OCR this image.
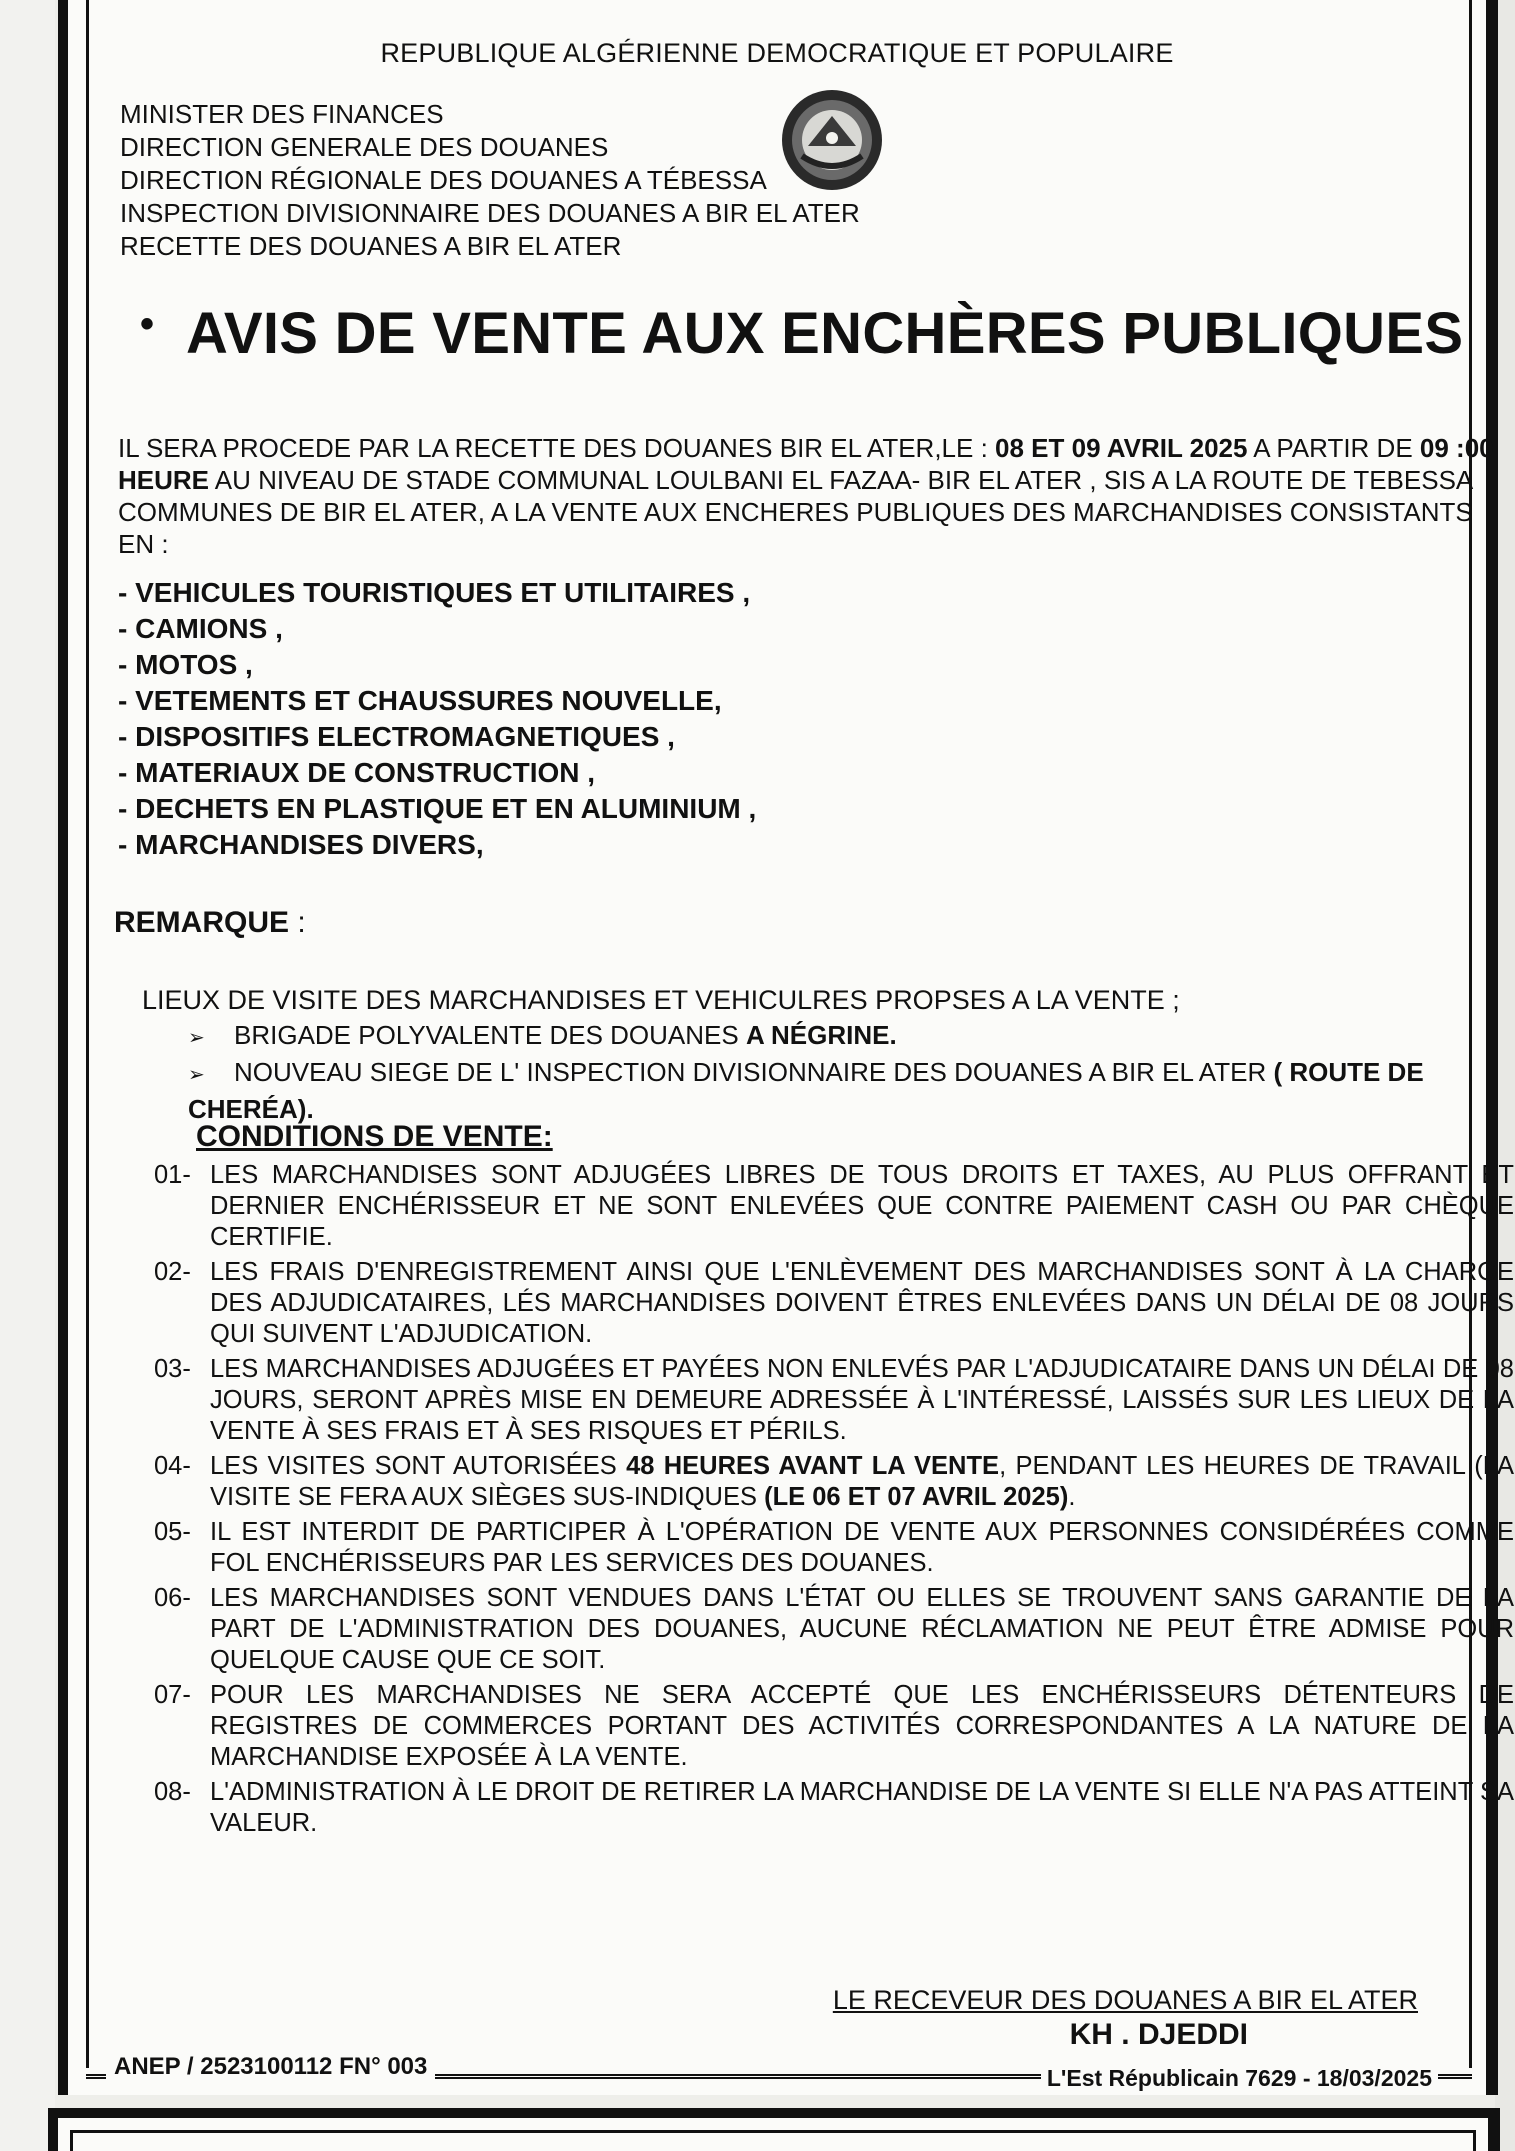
REPUBLIQUE ALGÉRIENNE DEMOCRATIQUE ET POPULAIRE
MINISTER DES FINANCES
DIRECTION GENERALE DES DOUANES
DIRECTION RÉGIONALE DES DOUANES A TÉBESSA
INSPECTION DIVISIONNAIRE DES DOUANES A BIR EL ATER
RECETTE DES DOUANES A BIR EL ATER
• AVIS DE VENTE AUX ENCHÈRES PUBLIQUES
IL SERA PROCEDE PAR LA RECETTE DES DOUANES BIR EL ATER,LE : 08 ET 09 AVRIL 2025 A PARTIR DE 09 :00 HEURE AU NIVEAU DE STADE COMMUNAL LOULBANI EL FAZAA- BIR EL ATER , SIS A LA ROUTE DE TEBESSA COMMUNES DE BIR EL ATER, A LA VENTE AUX ENCHERES PUBLIQUES DES MARCHANDISES CONSISTANTS EN :
- VEHICULES TOURISTIQUES ET UTILITAIRES ,
- CAMIONS ,
- MOTOS ,
- VETEMENTS ET CHAUSSURES NOUVELLE,
- DISPOSITIFS ELECTROMAGNETIQUES ,
- MATERIAUX DE CONSTRUCTION ,
- DECHETS EN PLASTIQUE ET EN ALUMINIUM ,
- MARCHANDISES DIVERS,
REMARQUE :
LIEUX DE VISITE DES MARCHANDISES ET VEHICULRES PROPSES A LA VENTE ;
➢ BRIGADE POLYVALENTE DES DOUANES A NÉGRINE.
➢ NOUVEAU SIEGE DE L' INSPECTION DIVISIONNAIRE DES DOUANES A BIR EL ATER ( ROUTE DE CHERÉA).
CONDITIONS DE VENTE:
01- LES MARCHANDISES SONT ADJUGÉES LIBRES DE TOUS DROITS ET TAXES, AU PLUS OFFRANT ET DERNIER ENCHÉRISSEUR ET NE SONT ENLEVÉES QUE CONTRE PAIEMENT CASH OU PAR CHÈQUE CERTIFIE.
02- LES FRAIS D'ENREGISTREMENT AINSI QUE L'ENLÈVEMENT DES MARCHANDISES SONT À LA CHARGE DES ADJUDICATAIRES, LÉS MARCHANDISES DOIVENT ÊTRES ENLEVÉES DANS UN DÉLAI DE 08 JOURS QUI SUIVENT L'ADJUDICATION.
03- LES MARCHANDISES ADJUGÉES ET PAYÉES NON ENLEVÉS PAR L'ADJUDICATAIRE DANS UN DÉLAI DE 08 JOURS, SERONT APRÈS MISE EN DEMEURE ADRESSÉE À L'INTÉRESSÉ, LAISSÉS SUR LES LIEUX DE LA VENTE À SES FRAIS ET À SES RISQUES ET PÉRILS.
04- LES VISITES SONT AUTORISÉES 48 HEURES AVANT LA VENTE, PENDANT LES HEURES DE TRAVAIL (LA VISITE SE FERA AUX SIÈGES SUS-INDIQUES (LE 06 ET 07 AVRIL 2025).
05- IL EST INTERDIT DE PARTICIPER À L'OPÉRATION DE VENTE AUX PERSONNES CONSIDÉRÉES COMME FOL ENCHÉRISSEURS PAR LES SERVICES DES DOUANES.
06- LES MARCHANDISES SONT VENDUES DANS L'ÉTAT OU ELLES SE TROUVENT SANS GARANTIE DE LA PART DE L'ADMINISTRATION DES DOUANES, AUCUNE RÉCLAMATION NE PEUT ÊTRE ADMISE POUR QUELQUE CAUSE QUE CE SOIT.
07- POUR LES MARCHANDISES NE SERA ACCEPTÉ QUE LES ENCHÉRISSEURS DÉTENTEURS DE REGISTRES DE COMMERCES PORTANT DES ACTIVITÉS CORRESPONDANTES A LA NATURE DE LA MARCHANDISE EXPOSÉE À LA VENTE.
08- L'ADMINISTRATION À LE DROIT DE RETIRER LA MARCHANDISE DE LA VENTE SI ELLE N'A PAS ATTEINT SA VALEUR.
LE RECEVEUR DES DOUANES A BIR EL ATER
KH . DJEDDI
ANEP / 2523100112 FN° 003	L'Est Républicain 7629 - 18/03/2025
